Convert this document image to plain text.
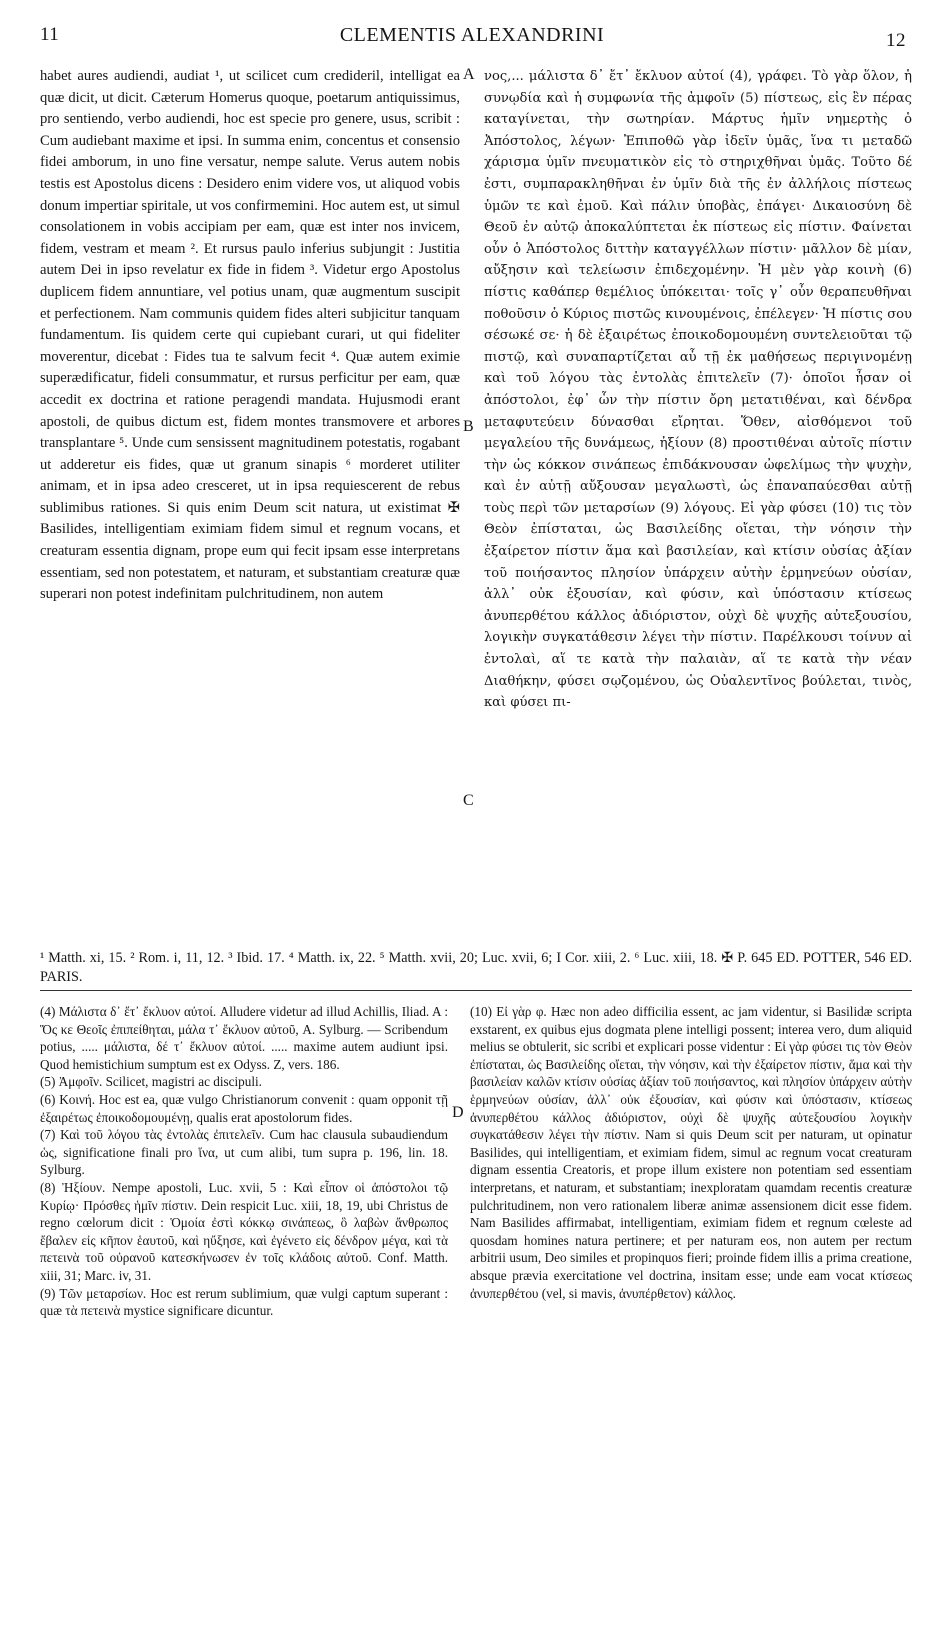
11	CLEMENTIS ALEXANDRINI	12

habet aures audiendi, audiat ¹, ut scilicet cum credideril, intelligat ea quæ dicit, ut dicit. Cæterum Homerus quoque, poetarum antiquissimus, pro sentiendo, verbo audiendi, hoc est specie pro genere, usus, scribit : Cum audiebant maxime et ipsi. In summa enim, concentus et consensio fidei amborum, in uno fine versatur, nempe salute. Verus autem nobis testis est Apostolus dicens : Desidero enim videre vos, ut aliquod vobis donum impertiar spiritale, ut vos confirmemini. Hoc autem est, ut simul consolationem in vobis accipiam per eam, quæ est inter nos invicem, fidem, vestram et meam ². Et rursus paulo inferius subjungit : Justitia autem Dei in ipso revelatur ex fide in fidem ³. Videtur ergo Apostolus duplicem fidem annuntiare, vel potius unam, quæ augmentum suscipit et perfectionem. Nam communis quidem fides alteri subjicitur tanquam fundamentum. Iis quidem certe qui cupiebant curari, ut qui fideliter moverentur, dicebat : Fides tua te salvum fecit ⁴. Quæ autem eximie superædificatur, fideli consummatur, et rursus perficitur per eam, quæ accedit ex doctrina et ratione peragendi mandata. Hujusmodi erant apostoli, de quibus dictum est, fidem montes transmovere et arbores transplantare ⁵. Unde cum sensissent magnitudinem potestatis, rogabant ut adderetur eis fides, quæ ut granum sinapis ⁶ morderet utiliter animam, et in ipsa adeo cresceret, ut in ipsa requiescerent de rebus sublimibus rationes. Si quis enim Deum scit natura, ut existimat ✠ Basilides, intelligentiam eximiam fidem simul et regnum vocans, et creaturam essentia dignam, prope eum qui fecit ipsam esse interpretans essentiam, sed non potestatem, et naturam, et substantiam creaturæ quæ superari non potest indefinitam pulchritudinem, non autem

A
B
C

νος,... μάλιστα δ᾽ ἔτ᾽ ἔκλυον αὐτοί (4), γράφει. Τὸ γὰρ ὅλον, ἡ συνῳδία καὶ ἡ συμφωνία τῆς ἀμφοῖν (5) πίστεως, εἰς ἓν πέρας καταγίνεται, τὴν σωτηρίαν. Μάρτυς ἡμῖν νημερτὴς ὁ Ἀπόστολος, λέγων· Ἐπιποθῶ γὰρ ἰδεῖν ὑμᾶς, ἵνα τι μεταδῶ χάρισμα ὑμῖν πνευματικὸν εἰς τὸ στηριχθῆναι ὑμᾶς. Τοῦτο δέ ἐστι, συμπαρακληθῆναι ἐν ὑμῖν διὰ τῆς ἐν ἀλλήλοις πίστεως ὑμῶν τε καὶ ἐμοῦ. Καὶ πάλιν ὑποβὰς, ἐπάγει· Δικαιοσύνη δὲ Θεοῦ ἐν αὐτῷ ἀποκαλύπτεται ἐκ πίστεως εἰς πίστιν. Φαίνεται οὖν ὁ Ἀπόστολος διττὴν καταγγέλλων πίστιν· μᾶλλον δὲ μίαν, αὔξησιν καὶ τελείωσιν ἐπιδεχομένην. Ἡ μὲν γὰρ κοινὴ (6) πίστις καθάπερ θεμέλιος ὑπόκειται· τοῖς γ᾽ οὖν θεραπευθῆναι ποθοῦσιν ὁ Κύριος πιστῶς κινουμένοις, ἐπέλεγεν· Ἡ πίστις σου σέσωκέ σε· ἡ δὲ ἐξαιρέτως ἐποικοδομουμένη συντελειοῦται τῷ πιστῷ, καὶ συναπαρτίζεται αὖ τῇ ἐκ μαθήσεως περιγινομένῃ καὶ τοῦ λόγου τὰς ἐντολὰς ἐπιτελεῖν (7)· ὁποῖοι ἦσαν οἱ ἀπόστολοι, ἐφ᾽ ὧν τὴν πίστιν ὄρη μετατιθέναι, καὶ δένδρα μεταφυτεύειν δύνασθαι εἴρηται. Ὅθεν, αἰσθόμενοι τοῦ μεγαλείου τῆς δυνάμεως, ἠξίουν (8) προστιθέναι αὐτοῖς πίστιν τὴν ὡς κόκκον σινάπεως ἐπιδάκνουσαν ὠφελίμως τὴν ψυχὴν, καὶ ἐν αὐτῇ αὔξουσαν μεγαλωστὶ, ὡς ἐπαναπαύεσθαι αὐτῇ τοὺς περὶ τῶν μεταρσίων (9) λόγους. Εἰ γὰρ φύσει (10) τις τὸν Θεὸν ἐπίσταται, ὡς Βασιλείδης οἴεται, τὴν νόησιν τὴν ἐξαίρετον πίστιν ἅμα καὶ βασιλείαν, καὶ κτίσιν οὐσίας ἀξίαν τοῦ ποιήσαντος πλησίον ὑπάρχειν αὐτὴν ἑρμηνεύων οὐσίαν, ἀλλ᾽ οὐκ ἐξουσίαν, καὶ φύσιν, καὶ ὑπόστασιν κτίσεως ἀνυπερθέτου κάλλος ἀδιόριστον, οὐχὶ δὲ ψυχῆς αὐτεξουσίου, λογικὴν συγκατάθεσιν λέγει τὴν πίστιν. Παρέλκουσι τοίνυν αἱ ἐντολαὶ, αἵ τε κατὰ τὴν παλαιὰν, αἵ τε κατὰ τὴν νέαν Διαθήκην, φύσει σῳζομένου, ὡς Οὐαλεντῖνος βούλεται, τινὸς, καὶ φύσει πι-

¹ Matth. xi, 15. ² Rom. i, 11, 12. ³ Ibid. 17. ⁴ Matth. ix, 22. ⁵ Matth. xvii, 20; Luc. xvii, 6; I Cor. xiii, 2. ⁶ Luc. xiii, 18. ✠ P. 645 ED. POTTER, 546 ED. PARIS.

(4) Μάλιστα δ᾽ ἔτ᾽ ἔκλυον αὐτοί. Alludere videtur ad illud Achillis, Iliad. A : Ὅς κε Θεοῖς ἐπιπείθηται, μάλα τ᾽ ἔκλυον αὐτοῦ, A. Sylburg. — Scribendum potius, ..... μάλιστα, δέ τ᾽ ἔκλυον αὐτοί. ..... maxime autem audiunt ipsi. Quod hemistichium sumptum est ex Odyss. Z, vers. 186.

(5) Ἀμφοῖν. Scilicet, magistri ac discipuli.

(6) Κοινή. Hoc est ea, quæ vulgo Christianorum convenit : quam opponit τῇ ἐξαιρέτως ἐποικοδομουμένῃ, qualis erat apostolorum fides.

(7) Καὶ τοῦ λόγου τὰς ἐντολὰς ἐπιτελεῖν. Cum hac clausula subaudiendum ὡς, significatione finali pro ἵνα, ut cum alibi, tum supra p. 196, lin. 18. Sylburg.

(8) Ἠξίουν. Nempe apostoli, Luc. xvii, 5 : Καὶ εἶπον οἱ ἀπόστολοι τῷ Κυρίῳ· Πρόσθες ἡμῖν πίστιν. Dein respicit Luc. xiii, 18, 19, ubi Christus de regno cœlorum dicit : Ὁμοία ἐστὶ κόκκῳ σινάπεως, ὃ λαβὼν ἄνθρωπος ἔβαλεν εἰς κῆπον ἑαυτοῦ, καὶ ηὔξησε, καὶ ἐγένετο εἰς δένδρον μέγα, καὶ τὰ πετεινὰ τοῦ οὐρανοῦ κατεσκήνωσεν ἐν τοῖς κλάδοις αὐτοῦ. Conf. Matth. xiii, 31; Marc. iv, 31.

(9) Τῶν μεταρσίων. Hoc est rerum sublimium, quæ vulgi captum superant : quæ τὰ πετεινὰ mystice significare dicuntur.

D

(10) Εἰ γὰρ φ. Hæc non adeo difficilia essent, ac jam videntur, si Basilidæ scripta exstarent, ex quibus ejus dogmata plene intelligi possent; interea vero, dum aliquid melius se obtulerit, sic scribi et explicari posse videntur : Εἰ γὰρ φύσει τις τὸν Θεὸν ἐπίσταται, ὡς Βασιλείδης οἴεται, τὴν νόησιν, καὶ τὴν ἐξαίρετον πίστιν, ἅμα καὶ τὴν βασιλείαν καλῶν κτίσιν οὐσίας ἀξίαν τοῦ ποιήσαντος, καὶ πλησίον ὑπάρχειν αὐτὴν ἑρμηνεύων οὐσίαν, ἀλλ᾽ οὐκ ἐξουσίαν, καὶ φύσιν καὶ ὑπόστασιν, κτίσεως ἀνυπερθέτου κάλλος ἀδιόριστον, οὐχὶ δὲ ψυχῆς αὐτεξουσίου λογικὴν συγκατάθεσιν λέγει τὴν πίστιν. Nam si quis Deum scit per naturam, ut opinatur Basilides, qui intelligentiam, et eximiam fidem, simul ac regnum vocat creaturam dignam essentia Creatoris, et prope illum existere non potentiam sed essentiam interpretans, et naturam, et substantiam; inexploratam quamdam recentis creaturæ pulchritudinem, non vero rationalem liberæ animæ assensionem dicit esse fidem. Nam Basilides affirmabat, intelligentiam, eximiam fidem et regnum cœleste ad quosdam homines natura pertinere; et per naturam eos, non autem per rectum arbitrii usum, Deo similes et propinquos fieri; proinde fidem illis a prima creatione, absque prævia exercitatione vel doctrina, insitam esse; unde eam vocat κτίσεως ἀνυπερθέτου (vel, si mavis, ἀνυπέρθετον) κάλλος.
